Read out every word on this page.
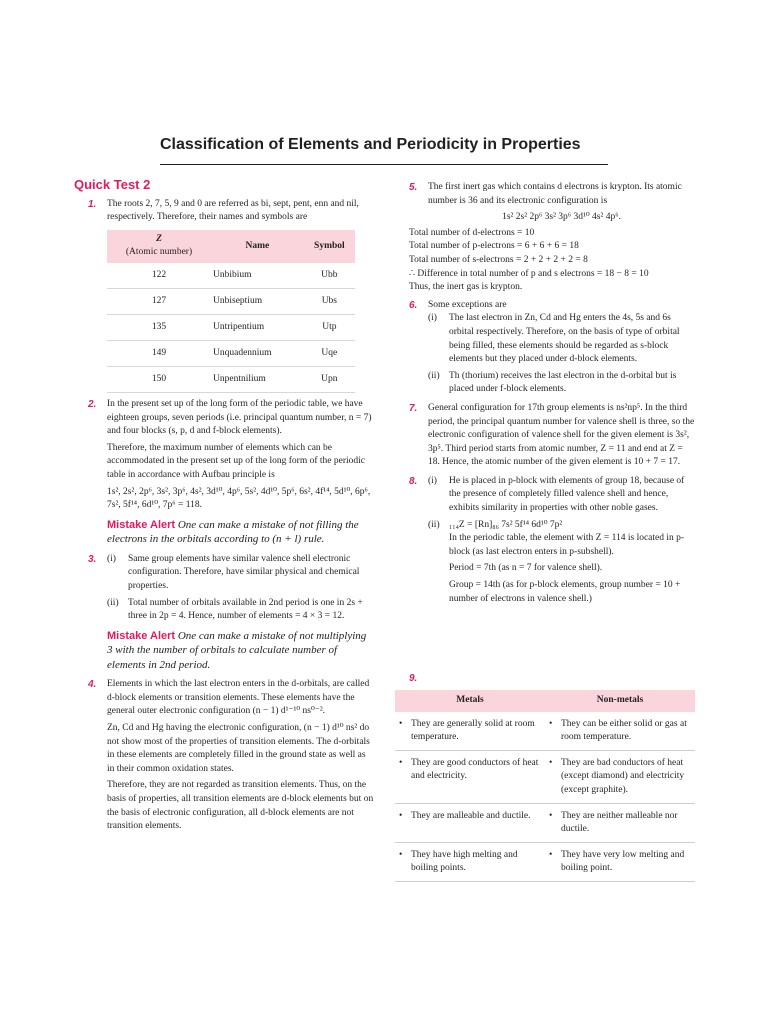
Classification of Elements and Periodicity in Properties
Quick Test 2
1. The roots 2, 7, 5, 9 and 0 are referred as bi, sept, pent, enn and nil, respectively. Therefore, their names and symbols are

Z
(Atomic number)	Name	Symbol
122	Unbibium	Ubb
127	Unbiseptium	Ubs
135	Untripentium	Utp
149	Unquadennium	Uqe
150	Unpentnilium	Upn
2. In the present set up of the long form of the periodic table, we have eighteen groups, seven periods (i.e. principal quantum number, n = 7) and four blocks (s, p, d and f-block elements).

Therefore, the maximum number of elements which can be accommodated in the present set up of the long form of the periodic table in accordance with Aufbau principle is

1s², 2s², 2p⁶, 3s², 3p⁶, 4s², 3d¹⁰, 4p⁶, 5s², 4d¹⁰, 5p⁶, 6s², 4f¹⁴, 5d¹⁰, 6p⁶, 7s², 5f¹⁴, 6d¹⁰, 7p⁶ = 118.

Mistake Alert One can make a mistake of not filling the electrons in the orbitals according to (n + l) rule.
3. (i) Same group elements have similar valence shell electronic configuration. Therefore, have similar physical and chemical properties.
(ii) Total number of orbitals available in 2nd period is one in 2s + three in 2p = 4. Hence, number of elements = 4 × 3 = 12.
Mistake Alert One can make a mistake of not multiplying 3 with the number of orbitals to calculate number of elements in 2nd period.
4. Elements in which the last electron enters in the d-orbitals, are called d-block elements or transition elements. These elements have the general outer electronic configuration (n − 1) d¹⁻¹⁰ ns⁰⁻².

Zn, Cd and Hg having the electronic configuration, (n − 1) d¹⁰ ns² do not show most of the properties of transition elements. The d-orbitals in these elements are completely filled in the ground state as well as in their common oxidation states.

Therefore, they are not regarded as transition elements. Thus, on the basis of properties, all transition elements are d-block elements but on the basis of electronic configuration, all d-block elements are not transition elements.

5. The first inert gas which contains d electrons is krypton. Its atomic number is 36 and its electronic configuration is

1s² 2s² 2p⁶ 3s² 3p⁶ 3d¹⁰ 4s² 4p⁶.

Total number of d-electrons = 10
Total number of p-electrons = 6 + 6 + 6 = 18
Total number of s-electrons = 2 + 2 + 2 + 2 = 8
∴ Difference in total number of p and s electrons = 18 − 8 = 10
Thus, the inert gas is krypton.
6. Some exceptions are

(i) The last electron in Zn, Cd and Hg enters the 4s, 5s and 6s orbital respectively. Therefore, on the basis of type of orbital being filled, these elements should be regarded as s-block elements but they placed under d-block elements.
(ii) Th (thorium) receives the last electron in the d-orbital but is placed under f-block elements.
7. General configuration for 17th group elements is ns²np⁵. In the third period, the principal quantum number for valence shell is three, so the electronic configuration of valence shell for the given element is 3s², 3p⁵. Third period starts from atomic number, Z = 11 and end at Z = 18. Hence, the atomic number of the given element is 10 + 7 = 17.

8. (i) He is placed in p-block with elements of group 18, because of the presence of completely filled valence shell and hence, exhibits similarity in properties with other noble gases.
(ii) ₁₁₄Z = [Rn]₈₆ 7s² 5f¹⁴ 6d¹⁰ 7p²

In the periodic table, the element with Z = 114 is located in p-block (as last electron enters in p-subshell).

Period = 7th (as n = 7 for valence shell).

Group = 14th (as for p-block elements, group number = 10 + number of electrons in valence shell.)

9.
Metals	Non-metals

• They are generally solid at room temperature.	• They can be either solid or gas at room temperature.

• They are good conductors of heat and electricity.	• They are bad conductors of heat (except diamond) and electricity (except graphite).

• They are malleable and ductile.	• They are neither malleable nor ductile.

• They have high melting and boiling points.	• They have very low melting and boiling point.
